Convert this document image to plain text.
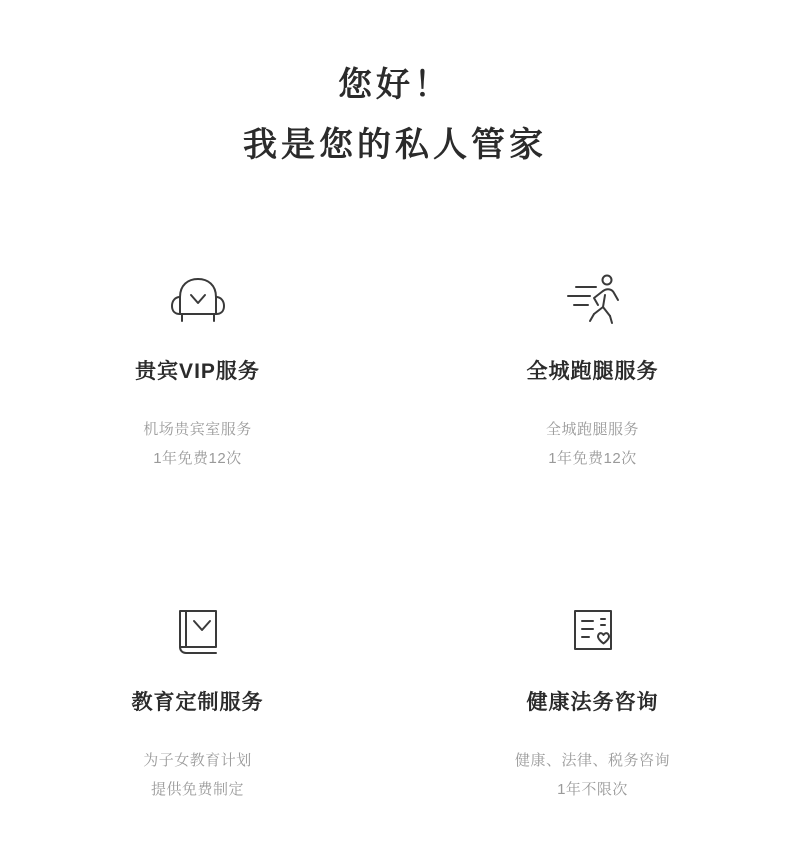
您好！
我是您的私人管家
贵宾VIP服务
机场贵宾室服务
1年免费12次
全城跑腿服务
全城跑腿服务
1年免费12次
教育定制服务
为子女教育计划
提供免费制定
健康法务咨询
健康、法律、税务咨询
1年不限次
